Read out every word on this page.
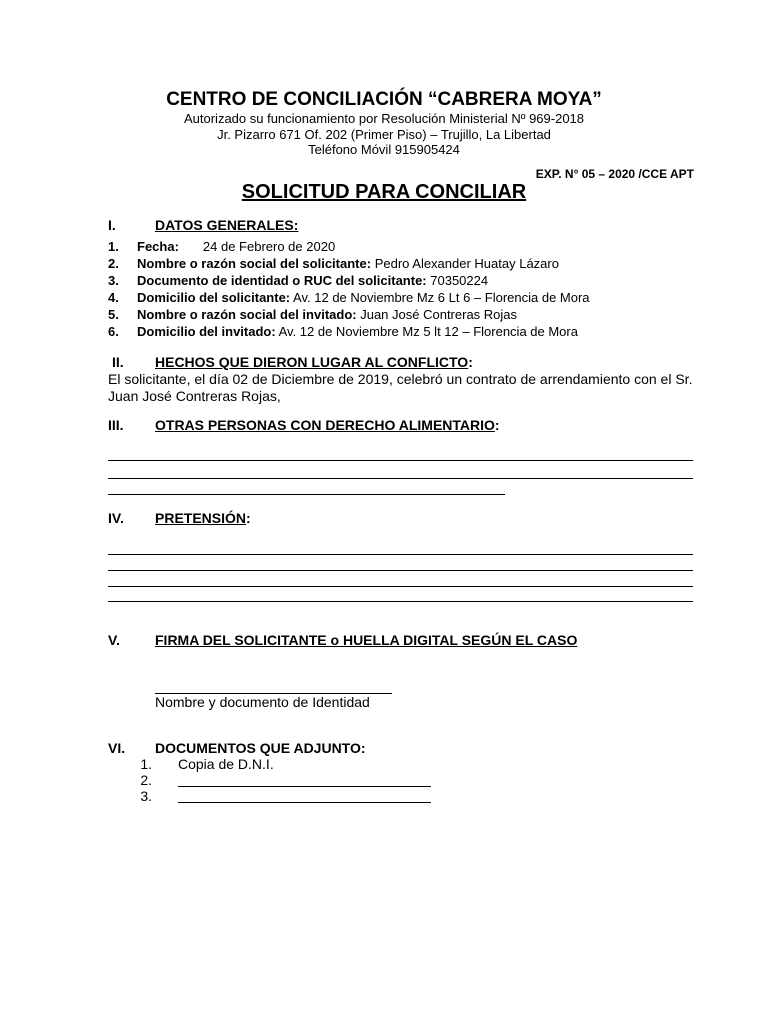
CENTRO DE CONCILIACIÓN “CABRERA MOYA”
Autorizado su funcionamiento por Resolución Ministerial Nº 969-2018
Jr. Pizarro 671 Of. 202 (Primer Piso) – Trujillo, La Libertad
Teléfono Móvil 915905424
EXP. N° 05 – 2020 /CCE APT
SOLICITUD PARA CONCILIAR
I.	DATOS GENERALES:
1. Fecha: 24 de Febrero de 2020
2. Nombre o razón social del solicitante: Pedro Alexander Huatay Lázaro
3. Documento de identidad o RUC del solicitante: 70350224
4. Domicilio del solicitante: Av. 12 de Noviembre Mz 6 Lt 6 – Florencia de Mora
5. Nombre o razón social del invitado: Juan José Contreras Rojas
6. Domicilio del invitado: Av. 12 de Noviembre Mz 5 lt 12 – Florencia de Mora
II. HECHOS QUE DIERON LUGAR AL CONFLICTO:
El solicitante, el día 02 de Diciembre de 2019, celebró un contrato de arrendamiento con el Sr. Juan José Contreras Rojas,
III. OTRAS PERSONAS CON DERECHO ALIMENTARIO:
IV. PRETENSIÓN:
V.	FIRMA DEL SOLICITANTE o HUELLA DIGITAL SEGÚN EL CASO
Nombre y documento de Identidad
VI. DOCUMENTOS QUE ADJUNTO:
1. Copia de D.N.I.
2.
3.
